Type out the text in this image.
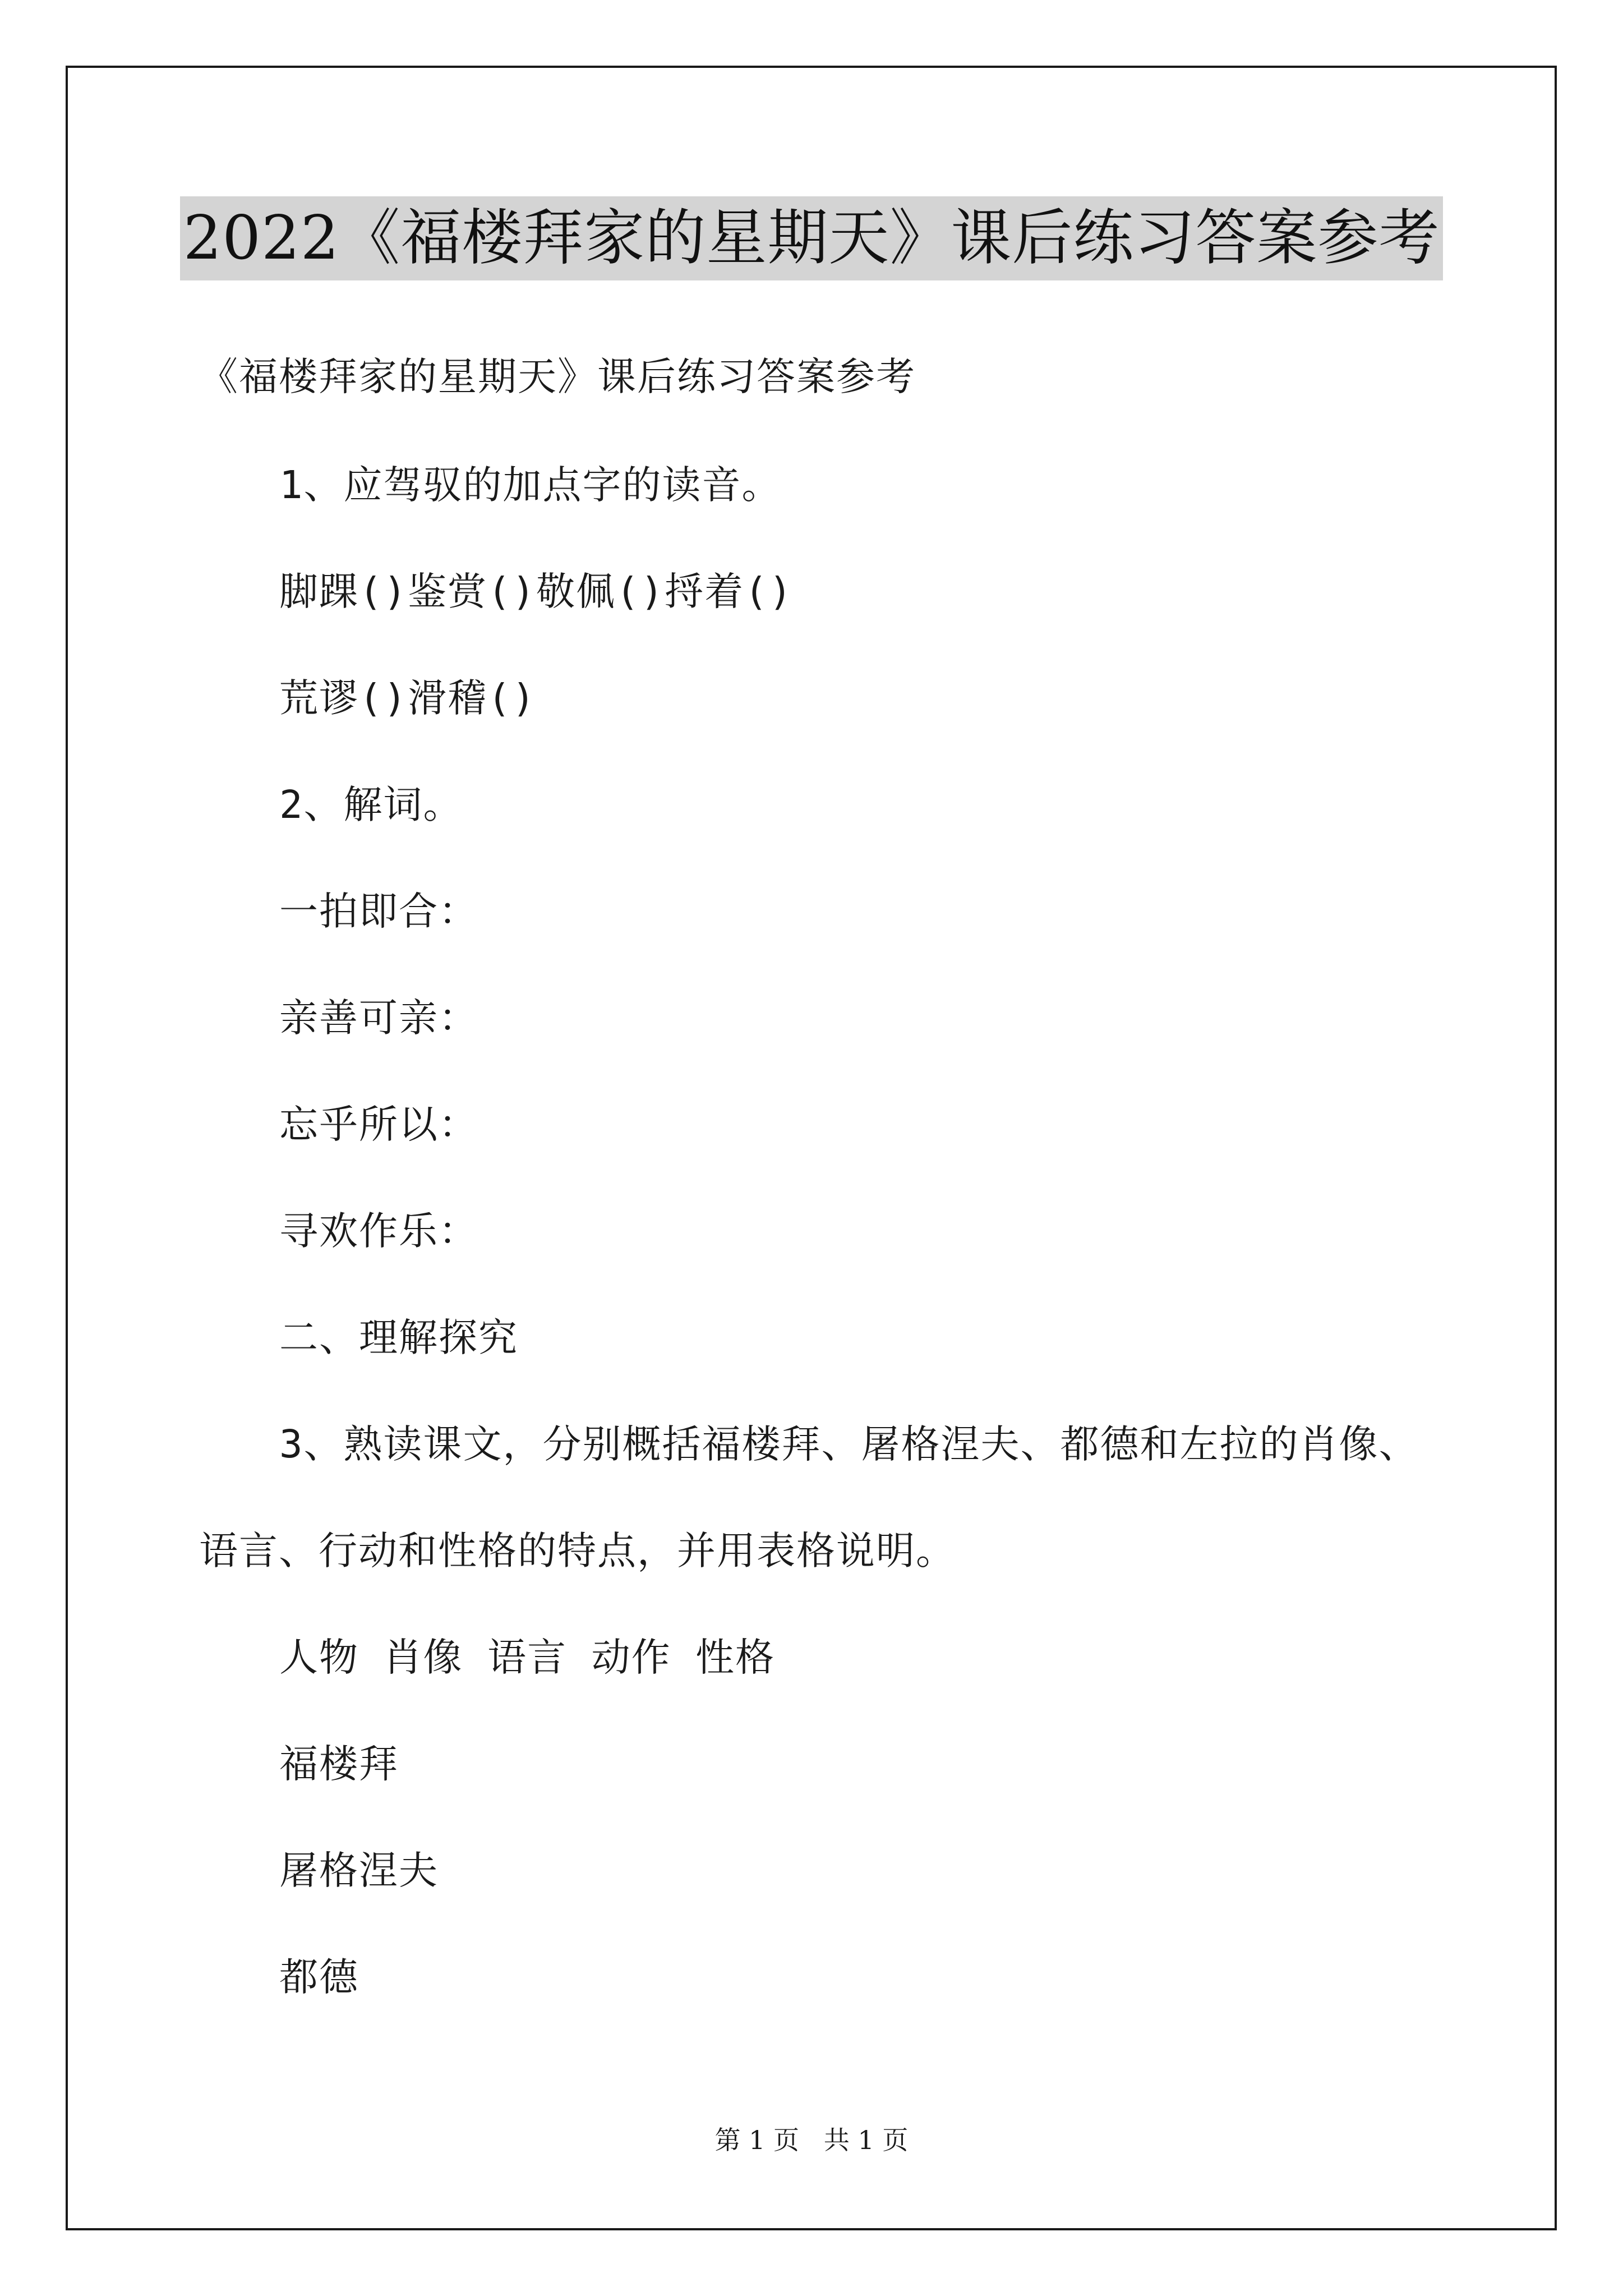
2022《福楼拜家的星期天》课后练习答案参考
《福楼拜家的星期天》课后练习答案参考
1、应驾驭的加点字的读音。
脚踝()鉴赏()敬佩()捋着()
荒谬()滑稽()
2、解词。
一拍即合：
亲善可亲：
忘乎所以：
寻欢作乐：
二、理解探究
3、熟读课文，分别概括福楼拜、屠格涅夫、都德和左拉的肖像、
语言、行动和性格的特点，并用表格说明。
人物 肖像 语言 动作 性格
福楼拜
屠格涅夫
都德
第 1 页   共 1 页
